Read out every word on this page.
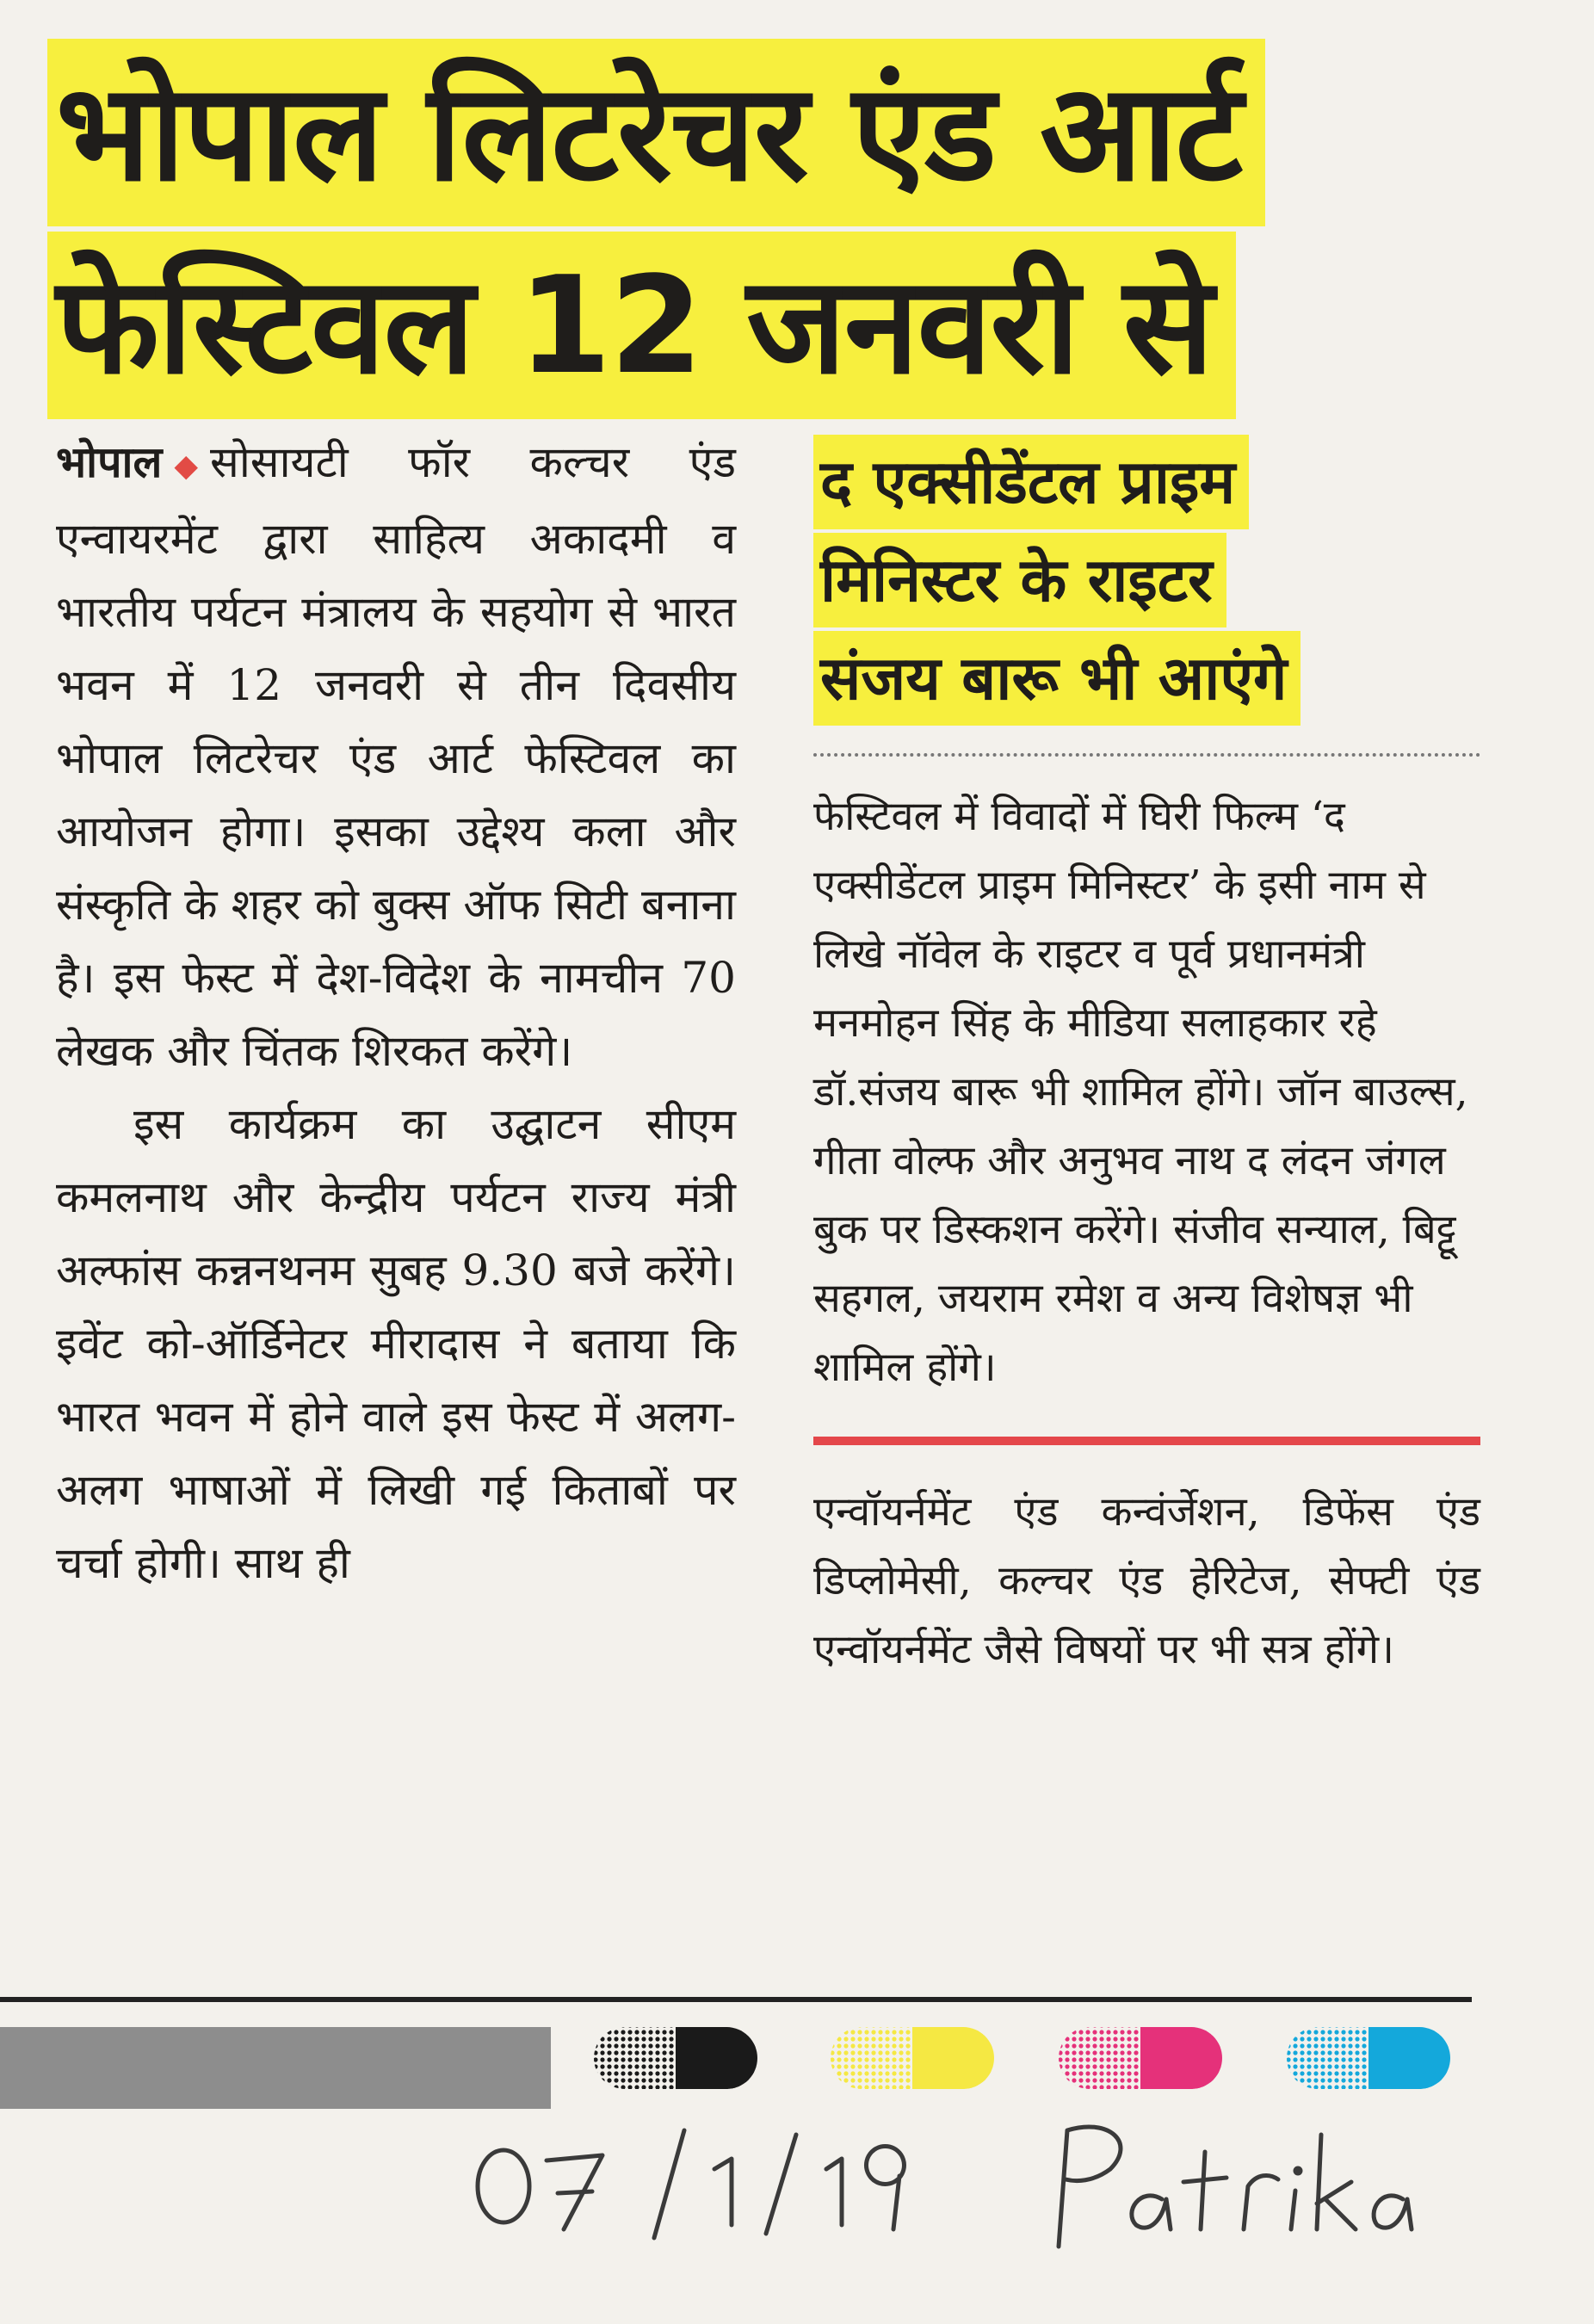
भोपाल लिटरेचर एंड आर्ट
फेस्टिवल 12 जनवरी से

भोपाल ◆ सोसायटी फॉर कल्चर एंड एन्वायरमेंट द्वारा साहित्य अकादमी व भारतीय पर्यटन मंत्रालय के सहयोग से भारत भवन में 12 जनवरी से तीन दिवसीय भोपाल लिटरेचर एंड आर्ट फेस्टिवल का आयोजन होगा। इसका उद्देश्य कला और संस्कृति के शहर को बुक्स ऑफ सिटी बनाना है। इस फेस्ट में देश-विदेश के नामचीन 70 लेखक और चिंतक शिरकत करेंगे।

इस कार्यक्रम का उद्घाटन सीएम कमलनाथ और केन्द्रीय पर्यटन राज्य मंत्री अल्फांस कन्ननथनम सुबह 9.30 बजे करेंगे। इवेंट को-ऑर्डिनेटर मीरादास ने बताया कि भारत भवन में होने वाले इस फेस्ट में अलग-अलग भाषाओं में लिखी गई किताबों पर चर्चा होगी। साथ ही

द एक्सीडेंटल प्राइम
मिनिस्टर के राइटर
संजय बारू भी आएंगे
फेस्टिवल में विवादों में घिरी फिल्म ‘द एक्सीडेंटल प्राइम मिनिस्टर’ के इसी नाम से लिखे नॉवेल के राइटर व पूर्व प्रधानमंत्री मनमोहन सिंह के मीडिया सलाहकार रहे डॉ.संजय बारू भी शामिल होंगे। जॉन बाउल्स, गीता वोल्फ और अनुभव नाथ द लंदन जंगल बुक पर डिस्कशन करेंगे। संजीव सन्याल, बिट्टू सहगल, जयराम रमेश व अन्य विशेषज्ञ भी शामिल होंगे।
एन्वॉयर्नमेंट एंड कन्वंर्जेशन, डिफेंस एंड डिप्लोमेसी, कल्चर एंड हेरिटेज, सेफ्टी एंड एन्वॉयर्नमेंट जैसे विषयों पर भी सत्र होंगे।
